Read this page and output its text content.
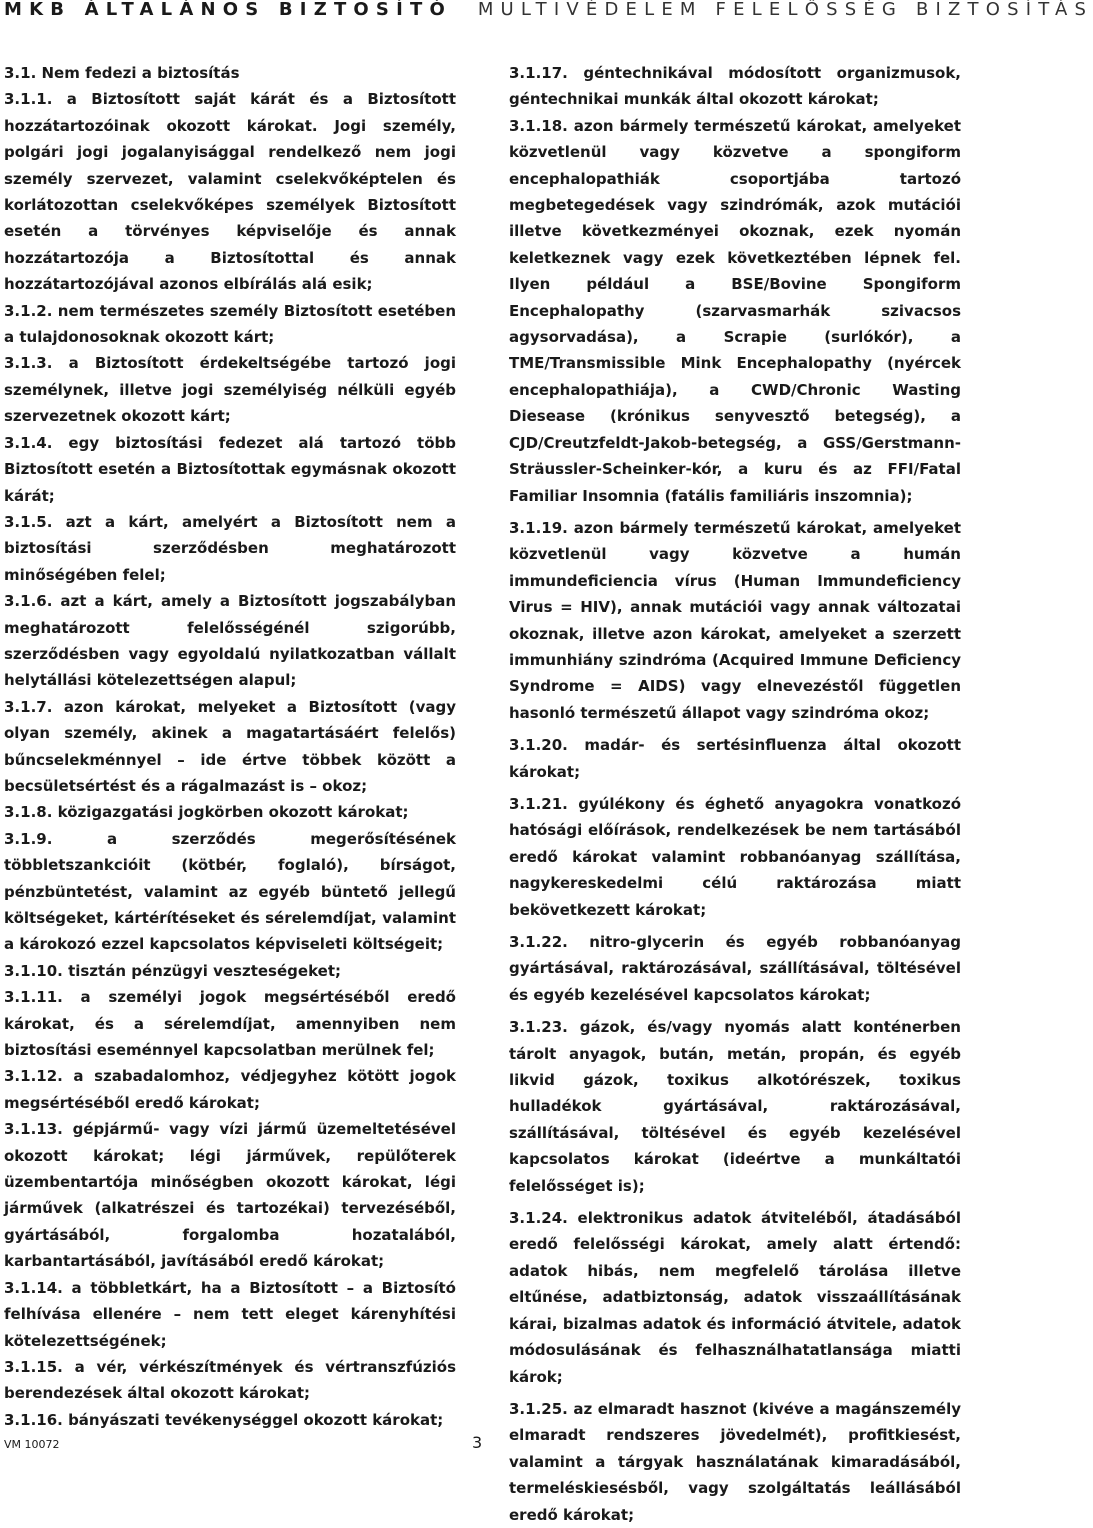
MKB ÁLTALÁNOS BIZTOSÍTÓ MULTIVÉDELEM FELELŐSSÉG BIZTOSÍTÁS

3.1. Nem fedezi a biztosítás

3.1.1. a Biztosított saját kárát és a Biztosított hozzátartozóinak okozott károkat. Jogi személy, polgári jogi jogalanyisággal rendelkező nem jogi személy szervezet, valamint cselekvőképtelen és korlátozottan cselekvőképes személyek Biztosított esetén a törvényes képviselője és annak hozzátartozója a Biztosítottal és annak hozzátartozójával azonos elbírálás alá esik;

3.1.2. nem természetes személy Biztosított esetében a tulajdonosoknak okozott kárt;

3.1.3. a Biztosított érdekeltségébe tartozó jogi személynek, illetve jogi személyiség nélküli egyéb szervezetnek okozott kárt;

3.1.4. egy biztosítási fedezet alá tartozó több Biztosított esetén a Biztosítottak egymásnak okozott kárát;

3.1.5. azt a kárt, amelyért a Biztosított nem a biztosítási szerződésben meghatározott minőségében felel;

3.1.6. azt a kárt, amely a Biztosított jogszabályban meghatározott felelősségénél szigorúbb, szerződésben vagy egyoldalú nyilatkozatban vállalt helytállási kötelezettségen alapul;

3.1.7. azon károkat, melyeket a Biztosított (vagy olyan személy, akinek a magatartásáért felelős) bűncselekménnyel – ide értve többek között a becsületsértést és a rágalmazást is – okoz;

3.1.8. közigazgatási jogkörben okozott károkat;

3.1.9. a szerződés megerősítésének többletszankcióit (kötbér, foglaló), bírságot, pénzbüntetést, valamint az egyéb büntető jellegű költségeket, kártérítéseket és sérelemdíjat, valamint a károkozó ezzel kapcsolatos képviseleti költségeit;

3.1.10. tisztán pénzügyi veszteségeket;

3.1.11. a személyi jogok megsértéséből eredő károkat, és a sérelemdíjat, amennyiben nem biztosítási eseménnyel kapcsolatban merülnek fel;

3.1.12. a szabadalomhoz, védjegyhez kötött jogok megsértéséből eredő károkat;

3.1.13. gépjármű- vagy vízi jármű üzemeltetésével okozott károkat; légi járművek, repülőterek üzembentartója minőségben okozott károkat, légi járművek (alkatrészei és tartozékai) tervezéséből, gyártásából, forgalomba hozatalából, karbantartásából, javításából eredő károkat;

3.1.14. a többletkárt, ha a Biztosított – a Biztosító felhívása ellenére – nem tett eleget kárenyhítési kötelezettségének;

3.1.15. a vér, vérkészítmények és vértranszfúziós berendezések által okozott károkat;

3.1.16. bányászati tevékenységgel okozott károkat;

3.1.17. géntechnikával módosított organizmusok, géntechnikai munkák által okozott károkat;

3.1.18. azon bármely természetű károkat, amelyeket közvetlenül vagy közvetve a spongiform encephalopathiák csoportjába tartozó megbetegedések vagy szindrómák, azok mutációi illetve következményei okoznak, ezek nyomán keletkeznek vagy ezek következtében lépnek fel. Ilyen például a BSE/Bovine Spongiform Encephalopathy (szarvasmarhák szivacsos agysorvadása), a Scrapie (surlókór), a TME/Transmissible Mink Encephalopathy (nyércek encephalopathiája), a CWD/Chronic Wasting Diesease (krónikus senyvesztő betegség), a CJD/Creutzfeldt-Jakob-betegség, a GSS/Gerstmann-Sträussler-Scheinker-kór, a kuru és az FFI/Fatal Familiar Insomnia (fatális familiáris inszomnia);

3.1.19. azon bármely természetű károkat, amelyeket közvetlenül vagy közvetve a humán immundeficiencia vírus (Human Immundeficiency Virus = HIV), annak mutációi vagy annak változatai okoznak, illetve azon károkat, amelyeket a szerzett immunhiány szindróma (Acquired Immune Deficiency Syndrome = AIDS) vagy elnevezéstől független hasonló természetű állapot vagy szindróma okoz;

3.1.20. madár- és sertésinfluenza által okozott károkat;

3.1.21. gyúlékony és éghető anyagokra vonatkozó hatósági előírások, rendelkezések be nem tartásából eredő károkat valamint robbanóanyag szállítása, nagykereskedelmi célú raktározása miatt bekövetkezett károkat;

3.1.22. nitro-glycerin és egyéb robbanóanyag gyártásával, raktározásával, szállításával, töltésével és egyéb kezelésével kapcsolatos károkat;

3.1.23. gázok, és/vagy nyomás alatt konténerben tárolt anyagok, bután, metán, propán, és egyéb likvid gázok, toxikus alkotórészek, toxikus hulladékok gyártásával, raktározásával, szállításával, töltésével és egyéb kezelésével kapcsolatos károkat (ideértve a munkáltatói felelősséget is);

3.1.24. elektronikus adatok átviteléből, átadásából eredő felelősségi károkat, amely alatt értendő: adatok hibás, nem megfelelő tárolása illetve eltűnése, adatbiztonság, adatok visszaállításának kárai, bizalmas adatok és információ átvitele, adatok módosulásának és felhasználhatatlansága miatti károk;

3.1.25. az elmaradt hasznot (kivéve a magánszemély elmaradt rendszeres jövedelmét), profitkiesést, valamint a tárgyak használatának kimaradásából, termeléskiesésből, vagy szolgáltatás leállásából eredő károkat;

VM 10072	3
